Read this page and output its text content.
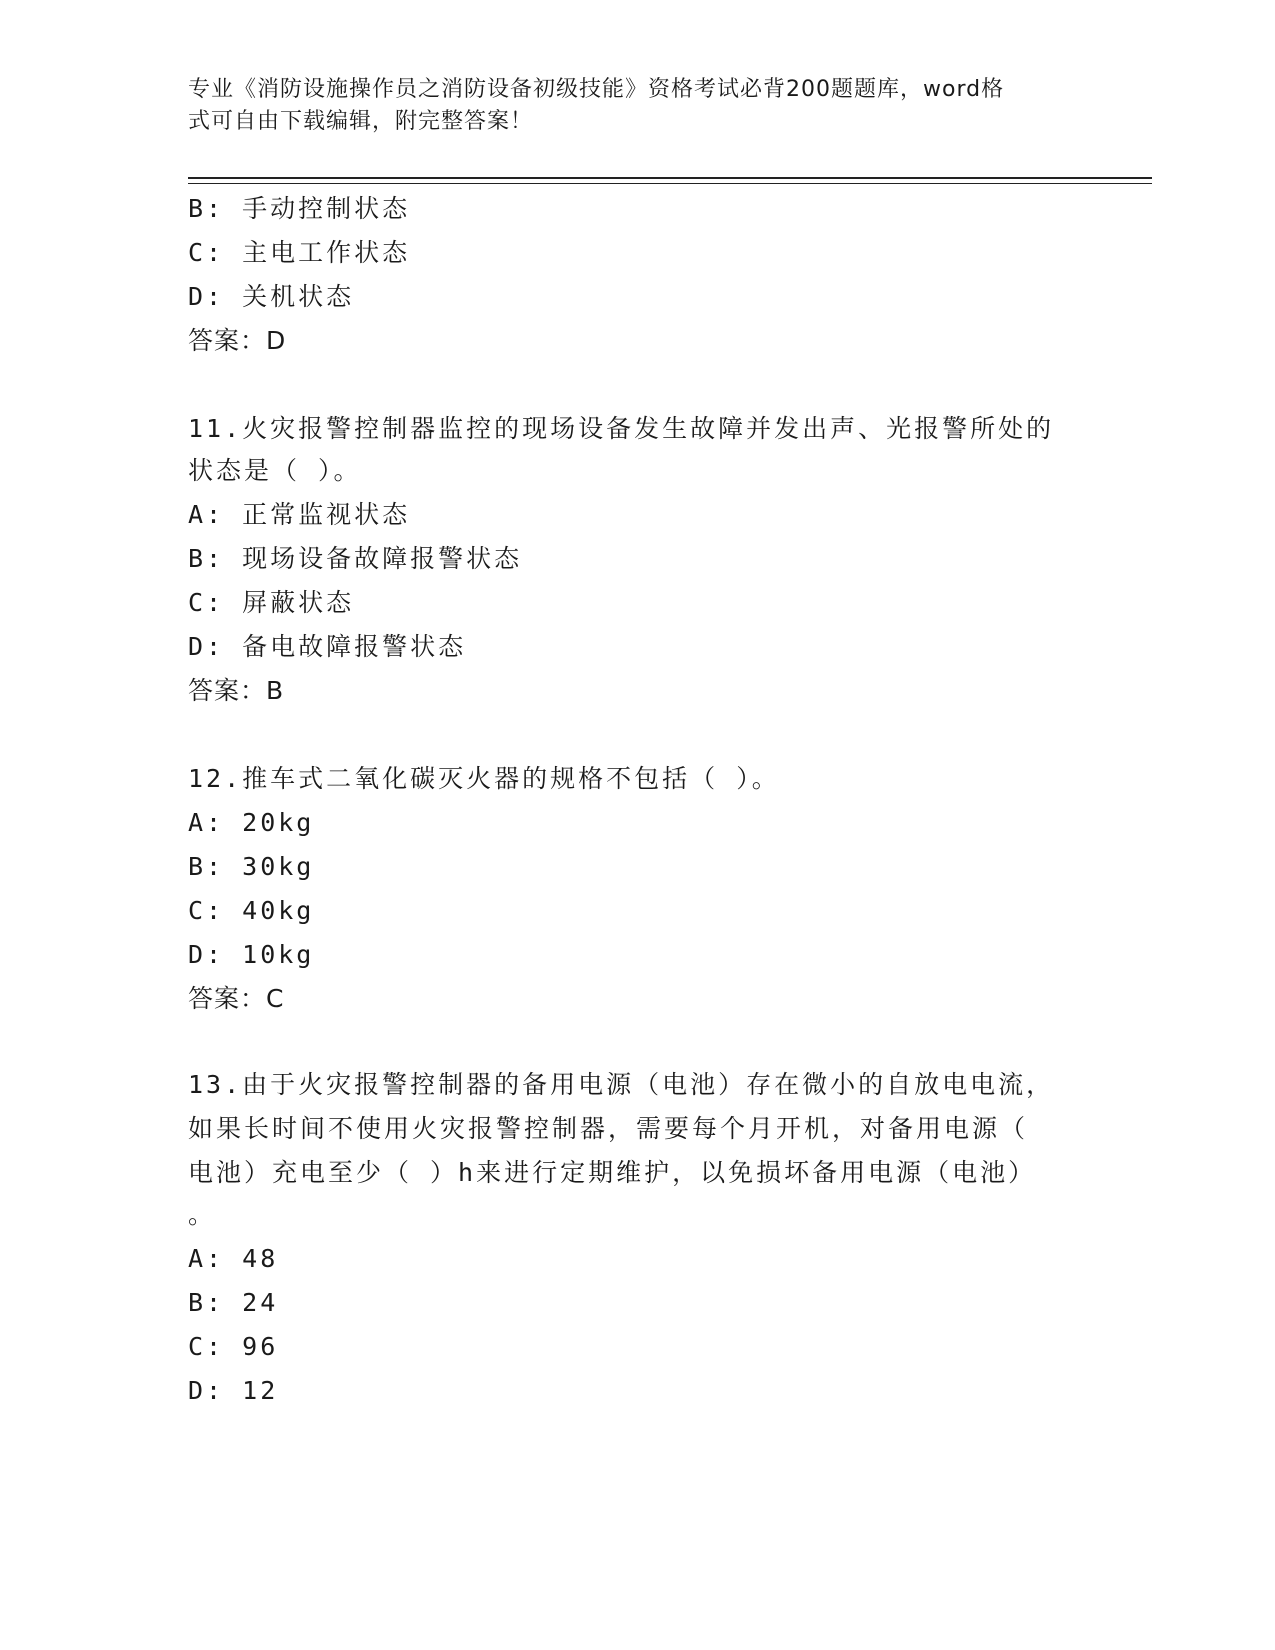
专业《消防设施操作员之消防设备初级技能》资格考试必背200题题库，word格
式可自由下载编辑，附完整答案！
B: 手动控制状态
C: 主电工作状态
D: 关机状态
答案：D
11.火灾报警控制器监控的现场设备发生故障并发出声、光报警所处的
状态是（ ）。
A: 正常监视状态
B: 现场设备故障报警状态
C: 屏蔽状态
D: 备电故障报警状态
答案：B
12.推车式二氧化碳灭火器的规格不包括（ ）。
A: 20kg
B: 30kg
C: 40kg
D: 10kg
答案：C
13.由于火灾报警控制器的备用电源（电池）存在微小的自放电电流，
如果长时间不使用火灾报警控制器，需要每个月开机，对备用电源（
电池）充电至少（ ）h来进行定期维护，以免损坏备用电源（电池）
。
A: 48
B: 24
C: 96
D: 12
